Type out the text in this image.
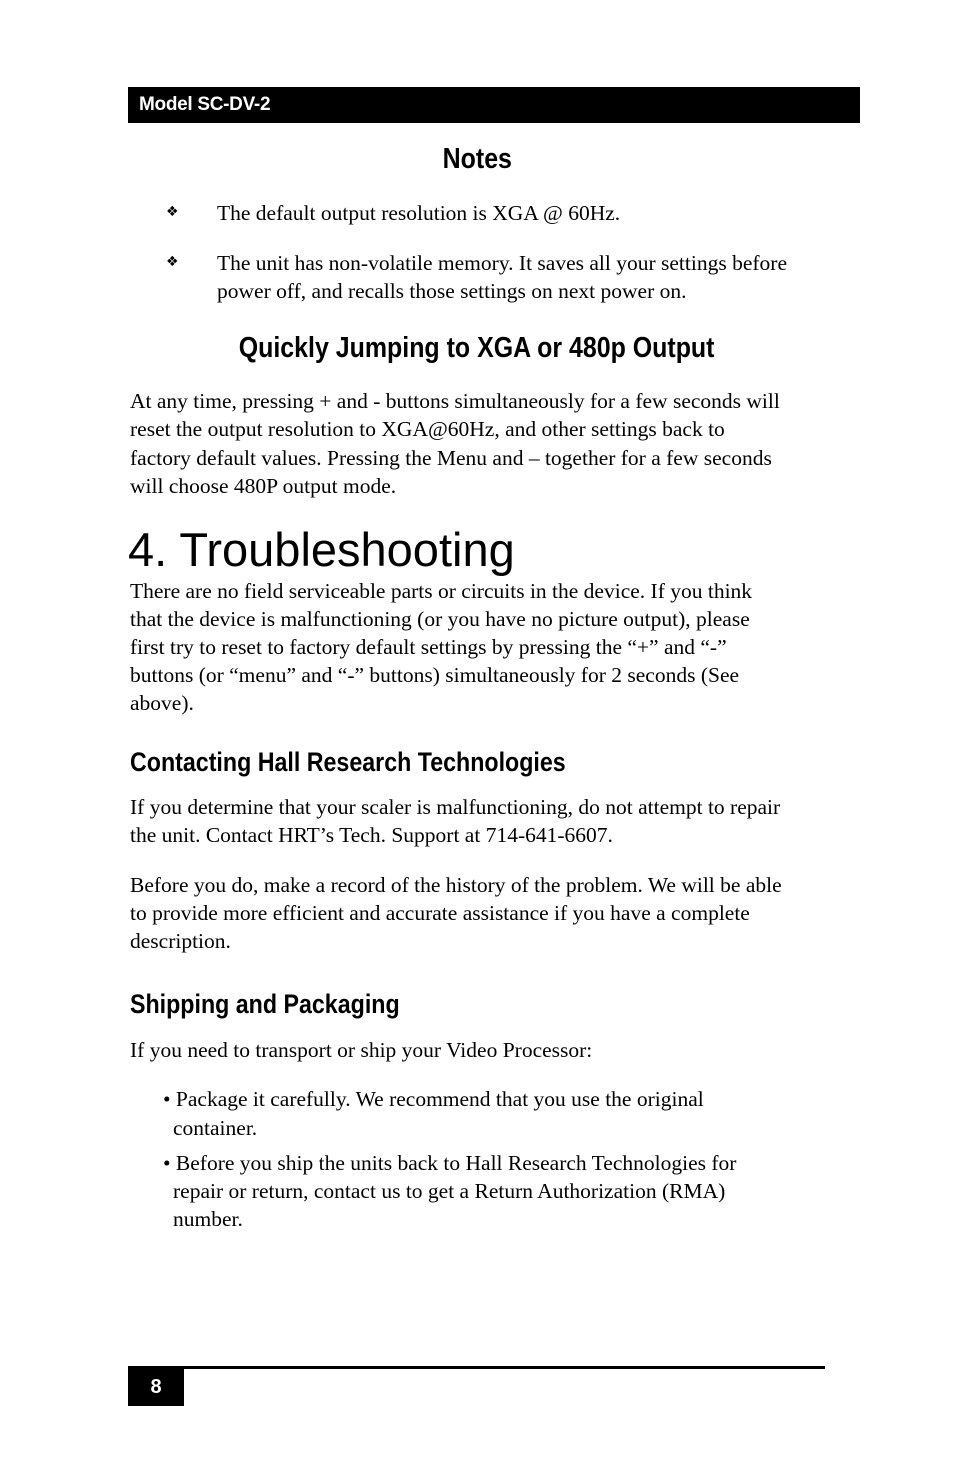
Model SC-DV-2
Notes
❖ The default output resolution is XGA @ 60Hz.
❖ The unit has non-volatile memory. It saves all your settings before
power off, and recalls those settings on next power on.
Quickly Jumping to XGA or 480p Output
At any time, pressing + and - buttons simultaneously for a few seconds will
reset the output resolution to XGA@60Hz, and other settings back to
factory default values. Pressing the Menu and – together for a few seconds
will choose 480P output mode.
4. Troubleshooting
There are no field serviceable parts or circuits in the device. If you think
that the device is malfunctioning (or you have no picture output), please
first try to reset to factory default settings by pressing the “+” and “-”
buttons (or “menu” and “-” buttons) simultaneously for 2 seconds (See
above).
Contacting Hall Research Technologies
If you determine that your scaler is malfunctioning, do not attempt to repair
the unit. Contact HRT’s Tech. Support at 714-641-6607.
Before you do, make a record of the history of the problem. We will be able
to provide more efficient and accurate assistance if you have a complete
description.
Shipping and Packaging
If you need to transport or ship your Video Processor:
• Package it carefully. We recommend that you use the original
container.
• Before you ship the units back to Hall Research Technologies for
repair or return, contact us to get a Return Authorization (RMA)
number.
8
